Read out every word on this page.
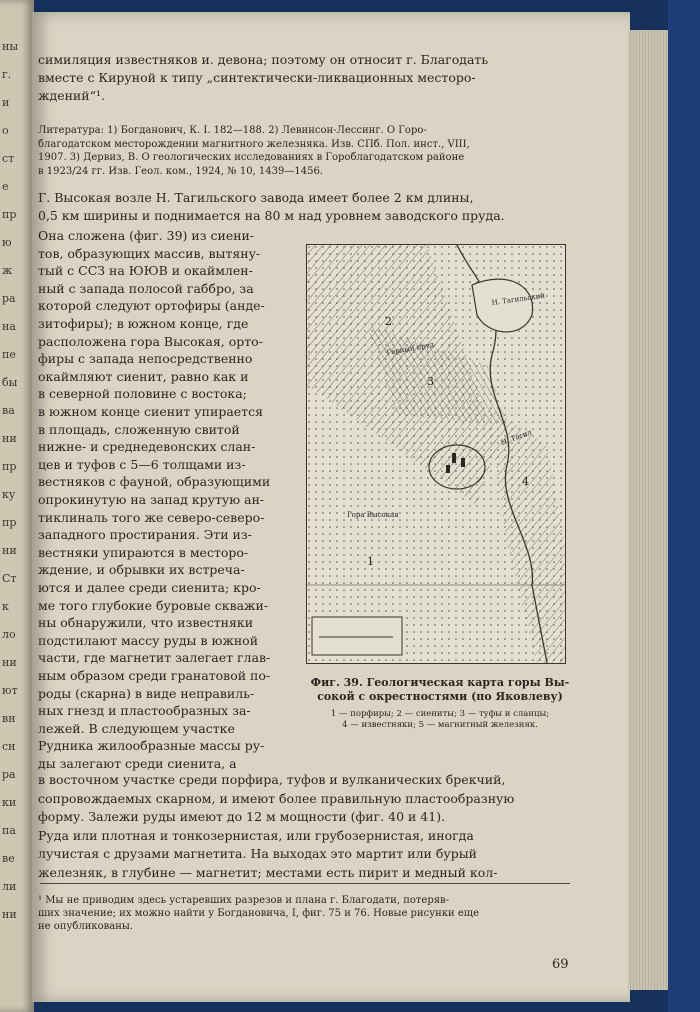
ны
г.
и
о
ст
е
пр
ю
ж
ра
на
пе
бы
ва
ни
пр
ку
пр
ни
Ст
к
ло
ни
ют
вн
сн
ра
ки
па
ве
ли
ни
симиляция известняков и. девона; поэтому он относит г. Благодать
вместе с Кируной к типу „синтектически-ликвационных месторо-
ждений“¹.
Литература: 1) Богданович, К. I. 182—188. 2) Левинсон-Лессинг. О Горо-
благодатском месторождении магнитного железняка. Изв. СПб. Пол. инст., VIII,
1907. 3) Дервиз, В. О геологических исследованиях в Горoблагодатском районе
в 1923/24 гг. Изв. Геол. ком., 1924, № 10, 1439—1456.
Г. Высокая возле Н. Тагильского завода имеет более 2 км длины,
0,5 км ширины и поднимается на 80 м над уровнем заводского пруда.
Она сложена (фиг. 39) из сиени-
тов, образующих массив, вытяну-
тый с ССЗ на ЮЮВ и окаймлен-
ный с запада полосой габбро, за
которой следуют ортофиры (анде-
зитофиры); в южном конце, где
расположена гора Высокая, орто-
фиры с запада непосредственно
окаймляют сиенит, равно как и
в северной половине с востока;
в южном конце сиенит упирается
в площадь, сложенную свитой
нижне- и среднедевонских слан-
цев и туфов с 5—6 толщами из-
вестняков с фауной, образующими
опрокинутую на запад крутую ан-
тиклиналь того же северо-северо-
западного простирания. Эти из-
вестняки упираются в месторо-
ждение, и обрывки их встреча-
ются и далее среди сиенита; кро-
ме того глубокие буровые скважи-
ны обнаружили, что известняки
подстилают массу руды в южной
части, где магнетит залегает глав-
ным образом среди гранатовой по-
роды (скарна) в виде неправиль-
ных гнезд и пластообразных за-
лежей. В следующем участке
Рудника жилообразные массы ру-
ды залегают среди сиенита, а
в восточном участке среди порфира, туфов и вулканических брекчий,
сопровождаемых скарном, и имеют более правильную пластообразную
форму. Залежи руды имеют до 12 м мощности (фиг. 40 и 41).
Руда или плотная и тонкозернистая, или грубозернистая, иногда
лучистая с друзами магнетита. На выходах это мартит или бурый
железняк, в глубине — магнетит; местами есть пирит и медный кол-
2
1
3
4
Н. Тагильский
Н. Тагил
Гора Высокая
Горный пруд
Фиг. 39. Геологическая карта горы Вы-
сокой с окрестностями (по Яковлеву)
1 — порфиры; 2 — сиениты; 3 — туфы и сланцы;
4 — известняки; 5 — магнитный железняк.
¹ Мы не приводим здесь устаревших разрезов и плана г. Благодати, потеряв-
ших значение; их можно найти у Богдановича, I, фиг. 75 и 76. Новые рисунки еще
не опубликованы.
69
